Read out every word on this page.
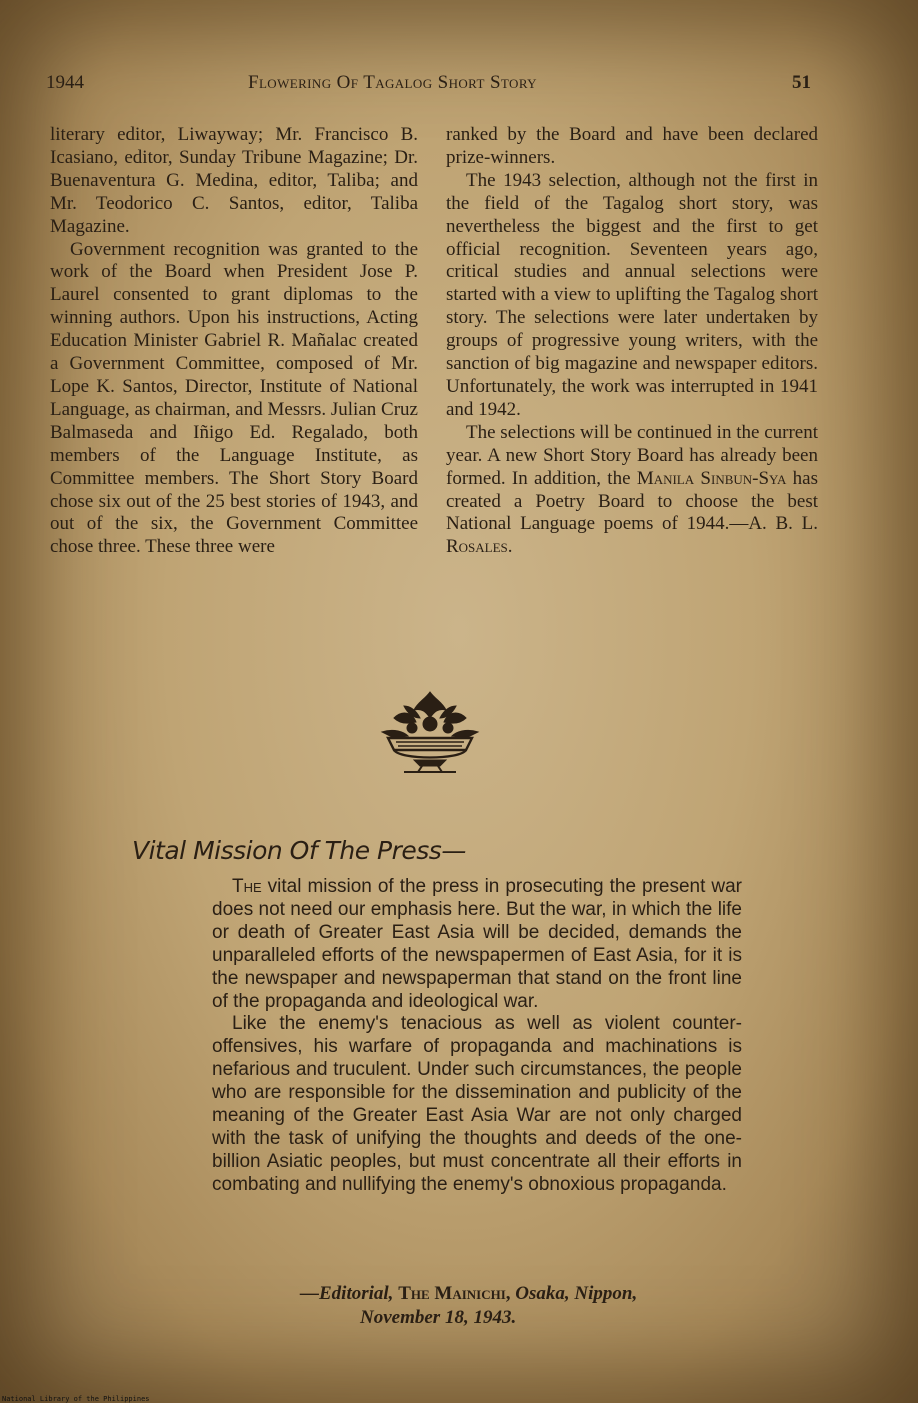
1944	Flowering Of Tagalog Short Story	51

literary editor, Liwayway; Mr. Francisco B. Icasiano, editor, Sunday Tribune Magazine; Dr. Buenaventura G. Medina, editor, Taliba; and Mr. Teodorico C. Santos, editor, Taliba Magazine.

Government recognition was granted to the work of the Board when President Jose P. Laurel consented to grant diplomas to the winning authors. Upon his instructions, Acting Education Minister Gabriel R. Mañalac created a Government Committee, composed of Mr. Lope K. Santos, Director, Institute of National Language, as chairman, and Messrs. Julian Cruz Balmaseda and Iñigo Ed. Regalado, both members of the Language Institute, as Committee members. The Short Story Board chose six out of the 25 best stories of 1943, and out of the six, the Government Committee chose three. These three were

ranked by the Board and have been declared prize-winners.

The 1943 selection, although not the first in the field of the Tagalog short story, was nevertheless the biggest and the first to get official recognition. Seventeen years ago, critical studies and annual selections were started with a view to uplifting the Tagalog short story. The selections were later undertaken by groups of progressive young writers, with the sanction of big magazine and newspaper editors. Unfortunately, the work was interrupted in 1941 and 1942.

The selections will be continued in the current year. A new Short Story Board has already been formed. In addition, the Manila Sinbun-Sya has created a Poetry Board to choose the best National Language poems of 1944.—A. B. L. Rosales.

Vital Mission Of The Press—

The vital mission of the press in prosecuting the present war does not need our emphasis here. But the war, in which the life or death of Greater East Asia will be decided, demands the unparalleled efforts of the newspapermen of East Asia, for it is the newspaper and newspaperman that stand on the front line of the propaganda and ideological war.

Like the enemy's tenacious as well as violent counter-offensives, his warfare of propaganda and machinations is nefarious and truculent. Under such circumstances, the people who are responsible for the dissemination and publicity of the meaning of the Greater East Asia War are not only charged with the task of unifying the thoughts and deeds of the one-billion Asiatic peoples, but must concentrate all their efforts in combating and nullifying the enemy's obnoxious propaganda.

—Editorial, The Mainichi, Osaka, Nippon,
November 18, 1943.
National Library of the Philippines
